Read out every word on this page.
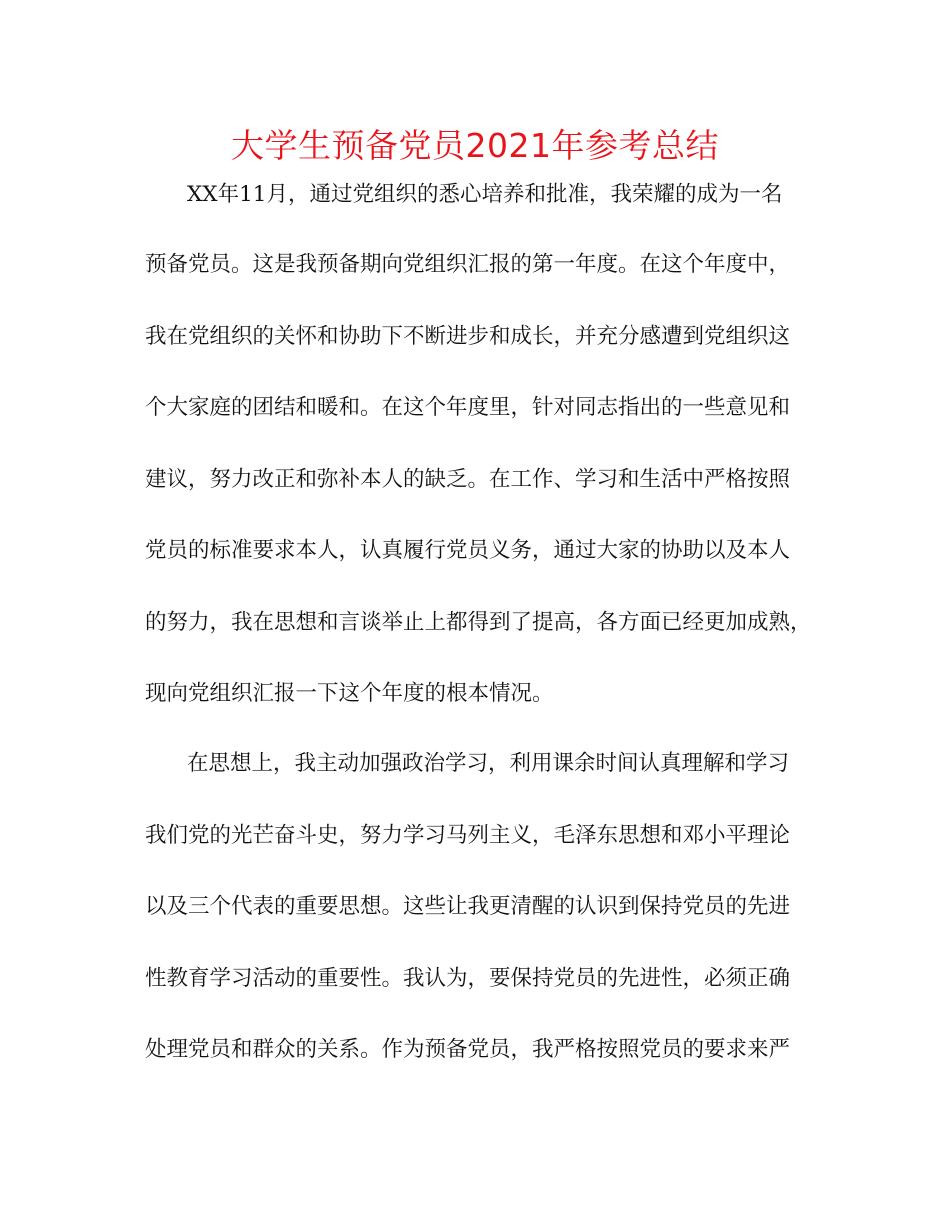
大学生预备党员2021年参考总结
XX年11月，通过党组织的悉心培养和批准，我荣耀的成为一名
预备党员。这是我预备期向党组织汇报的第一年度。在这个年度中，
我在党组织的关怀和协助下不断进步和成长，并充分感遭到党组织这
个大家庭的团结和暖和。在这个年度里，针对同志指出的一些意见和
建议，努力改正和弥补本人的缺乏。在工作、学习和生活中严格按照
党员的标准要求本人，认真履行党员义务，通过大家的协助以及本人
的努力，我在思想和言谈举止上都得到了提高，各方面已经更加成熟，
现向党组织汇报一下这个年度的根本情况。
在思想上，我主动加强政治学习，利用课余时间认真理解和学习
我们党的光芒奋斗史，努力学习马列主义，毛泽东思想和邓小平理论
以及三个代表的重要思想。这些让我更清醒的认识到保持党员的先进
性教育学习活动的重要性。我认为，要保持党员的先进性，必须正确
处理党员和群众的关系。作为预备党员，我严格按照党员的要求来严
